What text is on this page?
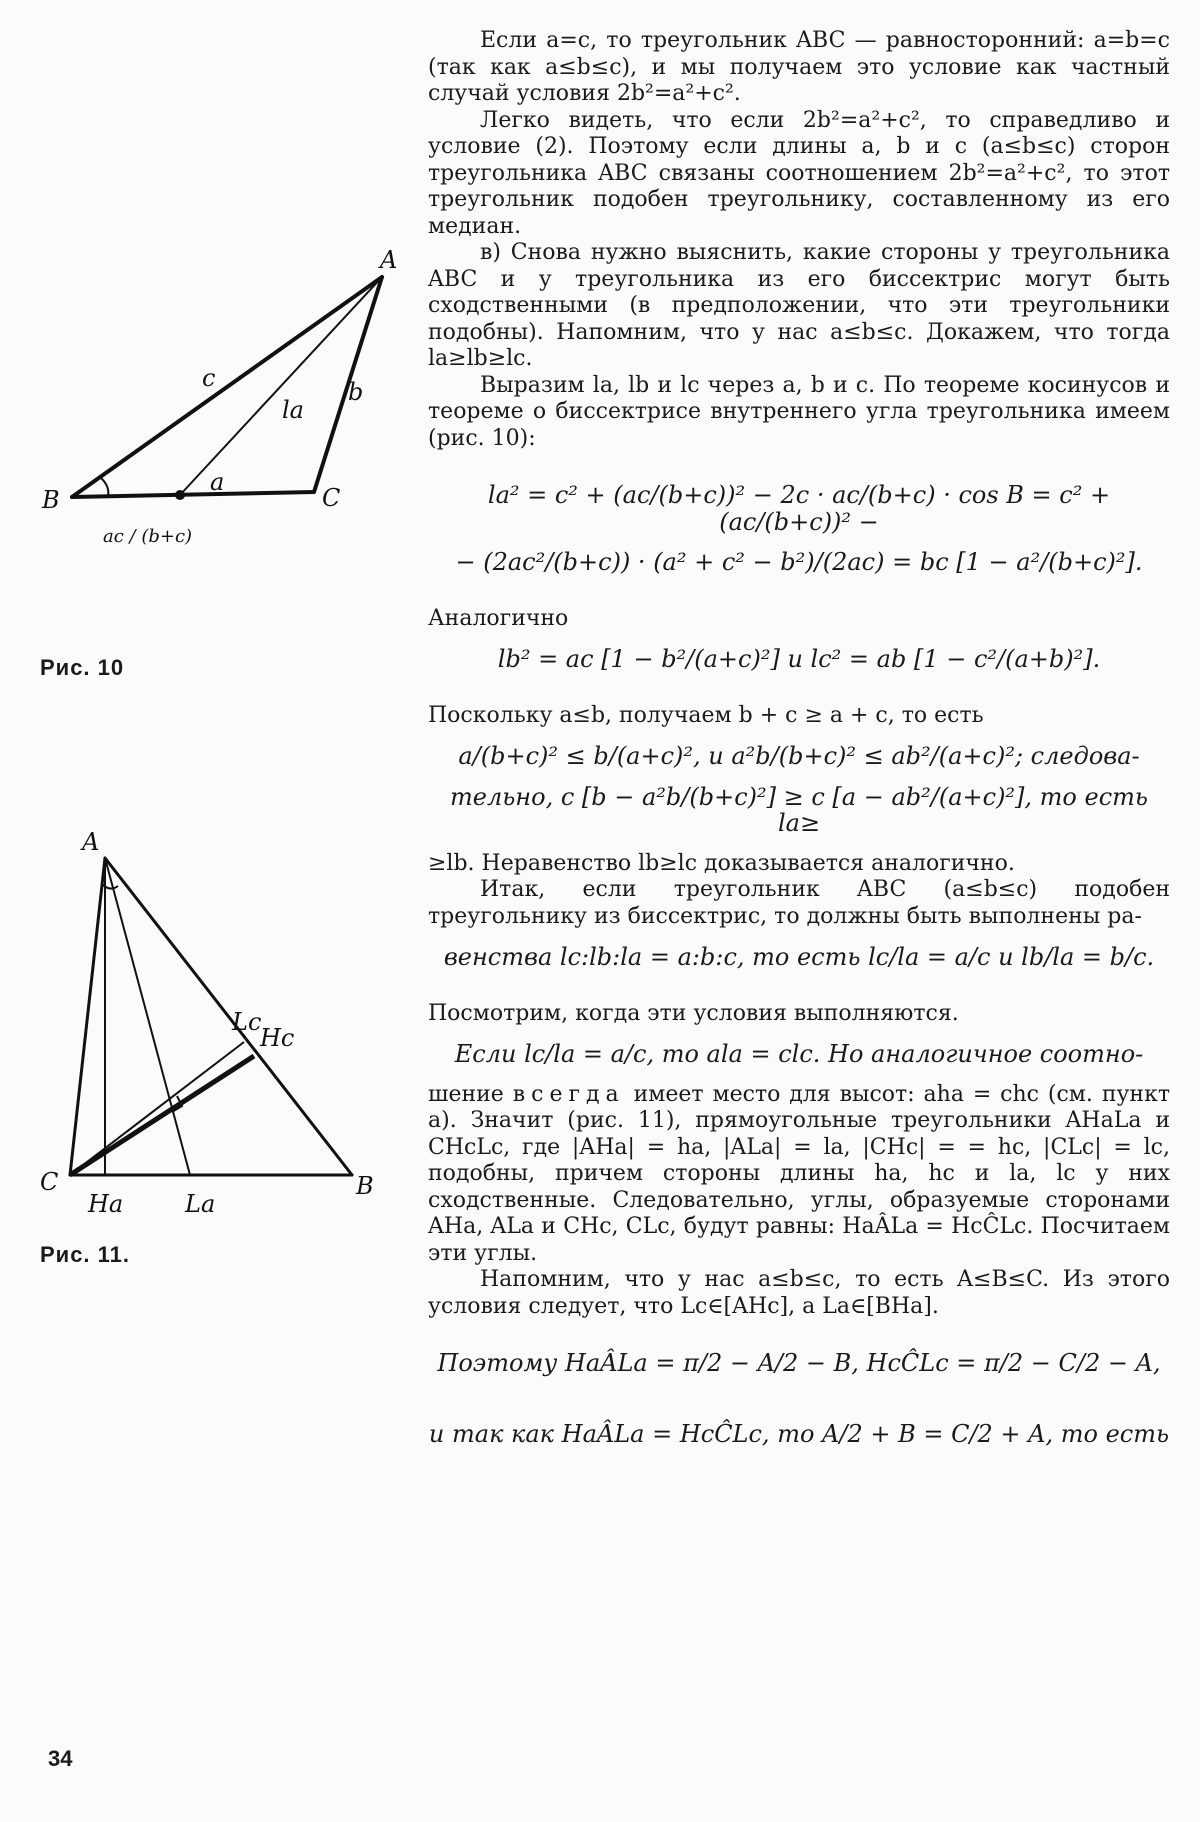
A
B	C
a
b
c
la
ac / (b+c)
Рис. 10
A
B
C
Ha	La
Lc
Hc
Рис. 11.

Если a=c, то треугольник ABC — равносторонний: a=b=c (так как a≤b≤c), и мы получаем это условие как частный случай условия 2b²=a²+c².

Легко видеть, что если 2b²=a²+c², то справедливо и условие (2). Поэтому если длины a, b и c (a≤b≤c) сторон треугольника ABC связаны соотношением 2b²=a²+c², то этот треугольник подобен треугольнику, составленному из его медиан.

в) Снова нужно выяснить, какие стороны у треугольника ABC и у треугольника из его биссектрис могут быть сходственными (в предположении, что эти треугольники подобны). Напомним, что у нас a≤b≤c. Докажем, что тогда la≥lb≥lc.

Выразим la, lb и lc через a, b и c. По теореме косинусов и теореме о биссектрисе внутреннего угла треугольника имеем (рис. 10):

la² = c² + (ac/(b+c))² − 2c · ac/(b+c) · cos B = c² + (ac/(b+c))² −
− (2ac²/(b+c)) · (a² + c² − b²)/(2ac) = bc [1 − a²/(b+c)²].

Аналогично

lb² = ac [1 − b²/(a+c)²] и lc² = ab [1 − c²/(a+b)²].

Поскольку a≤b, получаем b + c ≥ a + c, то есть

a/(b+c)² ≤ b/(a+c)², и a²b/(b+c)² ≤ ab²/(a+c)²; следова-
тельно, c [b − a²b/(b+c)²] ≥ c [a − ab²/(a+c)²], то есть la≥

≥lb. Неравенство lb≥lc доказывается аналогично.

Итак, если треугольник ABC (a≤b≤c) подобен треугольнику из биссектрис, то должны быть выполнены ра-

венства lc:lb:la = a:b:c, то есть lc/la = a/c и lb/la = b/c.

Посмотрим, когда эти условия выполняются.

Если lc/la = a/c, то ala = clc. Но аналогичное соотно-

шение всегда имеет место для высот: aha = chc (см. пункт а). Значит (рис. 11), прямоугольные треугольники AHaLa и CHcLc, где |AHa| = ha, |ALa| = la, |CHc| = = hc, |CLc| = lc, подобны, причем стороны длины ha, hc и la, lc у них сходственные. Следовательно, углы, образуемые сторонами AHa, ALa и CHc, CLc, будут равны: HaÂLa = HcĈLc. Посчитаем эти углы.

Напомним, что у нас a≤b≤c, то есть A≤B≤C. Из этого условия следует, что Lc∈[AHc], а La∈[BHa].

Поэтому HaÂLa = π/2 − A/2 − B, HcĈLc = π/2 − C/2 − A,
и так как HaÂLa = HcĈLc, то A/2 + B = C/2 + A, то есть
34
